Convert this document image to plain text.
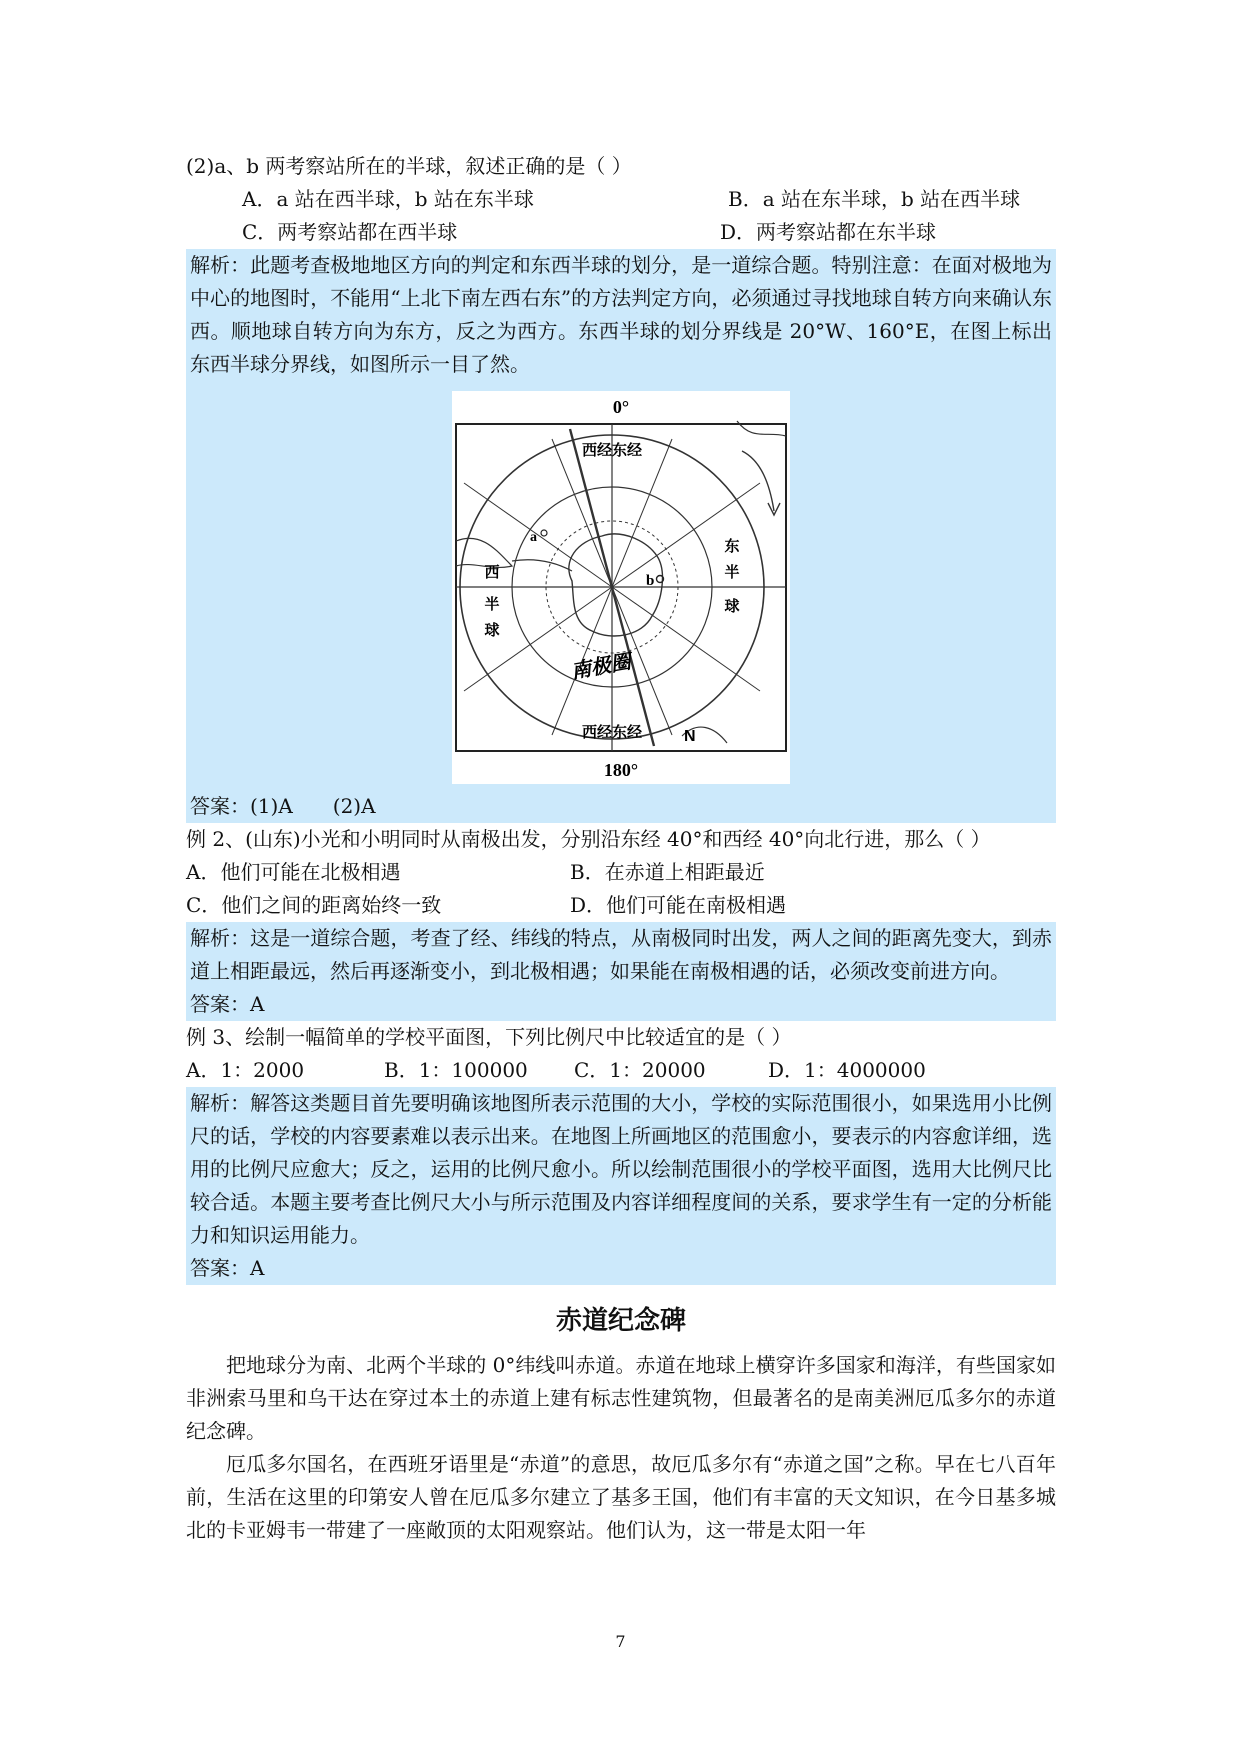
(2)a、b 两考察站所在的半球，叙述正确的是（ ）
A．a 站在西半球，b 站在东半球	B．a 站在东半球，b 站在西半球
C．两考察站都在西半球	D．两考察站都在东半球

解析：此题考查极地地区方向的判定和东西半球的划分，是一道综合题。特别注意：在面对极地为中心的地图时，不能用“上北下南左西右东”的方法判定方向，必须通过寻找地球自转方向来确认东西。顺地球自转方向为东方，反之为西方。东西半球的划分界线是 20°W、160°E，在图上标出东西半球分界线，如图所示一目了然。

0°
西经东经
西经东经
西
半
球
东
半
球
南极圈
a
b
N
180°

答案：(1)A　　(2)A

例 2、(山东)小光和小明同时从南极出发，分别沿东经 40°和西经 40°向北行进，那么（ ）
A．他们可能在北极相遇	B．在赤道上相距最近
C．他们之间的距离始终一致	D．他们可能在南极相遇

解析：这是一道综合题，考查了经、纬线的特点，从南极同时出发，两人之间的距离先变大，到赤道上相距最远，然后再逐渐变小，到北极相遇；如果能在南极相遇的话，必须改变前进方向。

答案：A

例 3、绘制一幅简单的学校平面图，下列比例尺中比较适宜的是（ ）
A．1：2000	B．1：100000	C．1：20000	D．1：4000000

解析：解答这类题目首先要明确该地图所表示范围的大小，学校的实际范围很小，如果选用小比例尺的话，学校的内容要素难以表示出来。在地图上所画地区的范围愈小，要表示的内容愈详细，选用的比例尺应愈大；反之，运用的比例尺愈小。所以绘制范围很小的学校平面图，选用大比例尺比较合适。本题主要考查比例尺大小与所示范围及内容详细程度间的关系，要求学生有一定的分析能力和知识运用能力。

答案：A

赤道纪念碑

把地球分为南、北两个半球的 0°纬线叫赤道。赤道在地球上横穿许多国家和海洋，有些国家如非洲索马里和乌干达在穿过本土的赤道上建有标志性建筑物，但最著名的是南美洲厄瓜多尔的赤道纪念碑。

厄瓜多尔国名，在西班牙语里是“赤道”的意思，故厄瓜多尔有“赤道之国”之称。早在七八百年前，生活在这里的印第安人曾在厄瓜多尔建立了基多王国，他们有丰富的天文知识，在今日基多城北的卡亚姆韦一带建了一座敞顶的太阳观察站。他们认为，这一带是太阳一年

7
